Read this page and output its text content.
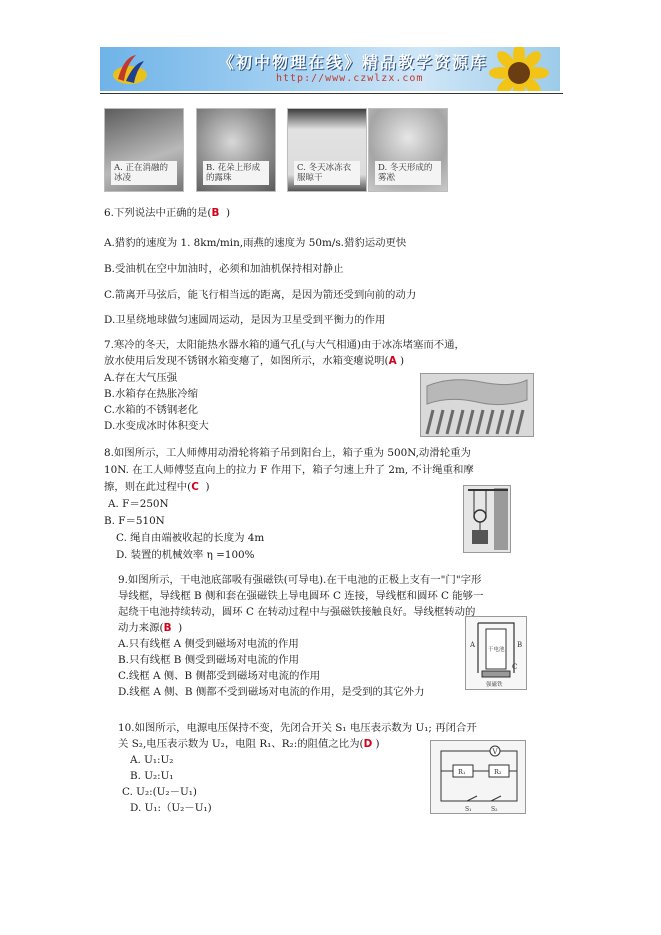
《初中物理在线》精品教学资源库
http://www.czwlzx.com
A. 正在消融的冰凌
B. 花朵上形成的露珠
C. 冬天冰冻衣服晾干
D. 冬天形成的雾凇
6.下列说法中正确的是(B )
A.猎豹的速度为 1. 8km/min,雨燕的速度为 50m/s.猎豹运动更快
B.受油机在空中加油时，必须和加油机保持相对静止
C.箭离开马弦后，能飞行相当远的距离，是因为箭还受到向前的动力
D.卫星绕地球做匀速圆周运动，是因为卫星受到平衡力的作用
7.寒冷的冬天，太阳能热水器水箱的通气孔(与大气相通)由于冰冻堵塞而不通，
放水使用后发现不锈钢水箱变瘪了，如图所示，水箱变瘪说明(A )
A.存在大气压强
B.水箱存在热胀冷缩
C.水箱的不锈钢老化
D.水变成冰时体积变大
8.如图所示，工人师傅用动滑轮将箱子吊到阳台上，箱子重为 500N,动滑轮重为
10N. 在工人师傅竖直向上的拉力 F 作用下，箱子匀速上升了 2m, 不计绳重和摩
擦，则在此过程中(C )
A. F＝250N
B. F＝510N
C. 绳自由端被收起的长度为 4m
D. 装置的机械效率 η =100%
9.如图所示，干电池底部吸有强磁铁(可导电).在干电池的正极上支有一"门"字形
导线框，导线框 B 侧和套在强磁铁上导电圆环 C 连接，导线框和圆环 C 能够一
起绕干电池持续转动，圆环 C 在转动过程中与强磁铁接触良好。导线框转动的
动力来源(B )
A.只有线框 A 侧受到磁场对电流的作用
B.只有线框 B 侧受到磁场对电流的作用
C.线框 A 侧、B 侧都受到磁场对电流的作用
D.线框 A 侧、B 侧都不受到磁场对电流的作用，是受到的其它外力
A	B
C
干电池
强磁铁
10.如图所示，电源电压保持不变，先闭合开关 S₁ 电压表示数为 U₁; 再闭合开
关 S₂,电压表示数为 U₂，电阻 R₁、R₂:的阻值之比为(D )
A. U₁:U₂
B. U₂:U₁
C. U₂:(U₂－U₁)
D. U₁:（U₂－U₁)
V
R₁	R₂
S₁	S₂
